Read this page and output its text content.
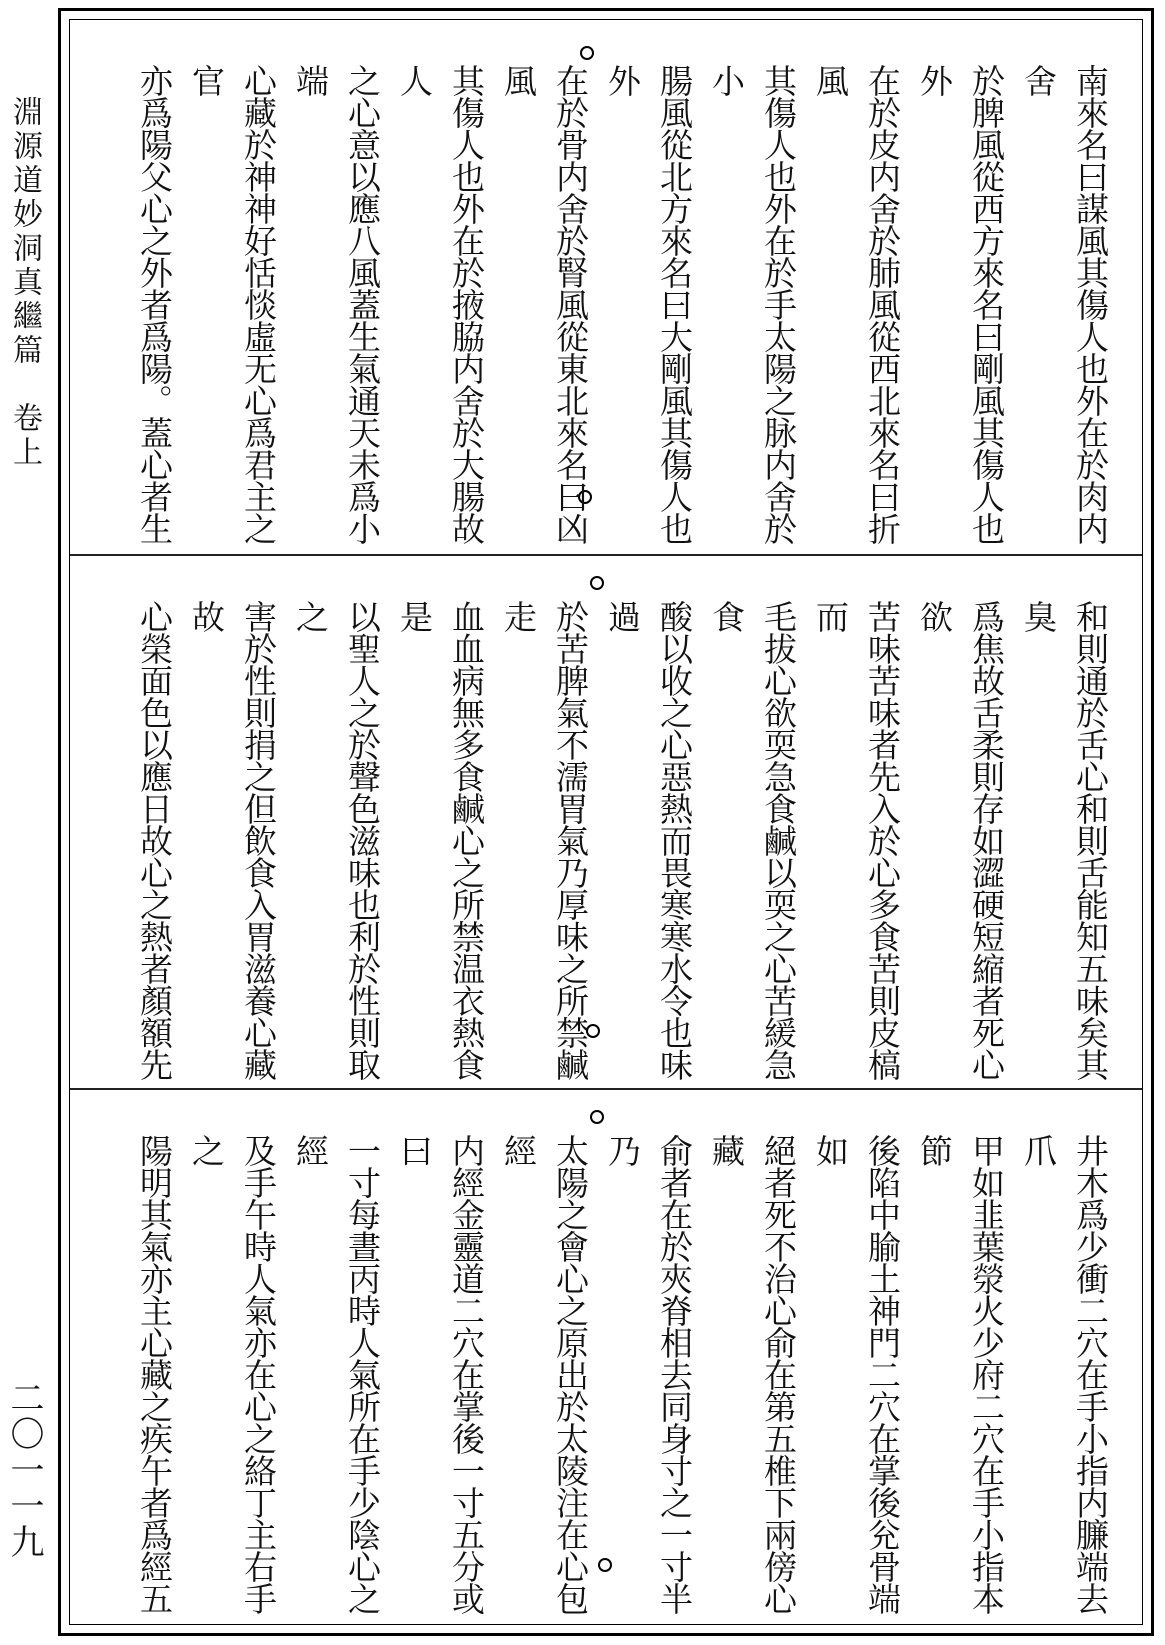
淵源道妙洞真繼篇　卷上
二〇一一九

南來名曰謀風其傷人也外在於肉内舍

於脾風從西方來名曰剛風其傷人也外

在於皮内舍於肺風從西北來名曰折風

其傷人也外在於手太陽之脉内舍於小

腸風從北方來名曰大剛風其傷人也外

在於骨内舍於腎風從東北來名曰凶風

其傷人也外在於掖脇内舍於大腸故人

之心意以應八風蓋生氣通天未爲小端

心藏於神神好恬惔虛无心爲君主之官

亦爲陽父心之外者爲陽。蓋心者生

和則通於舌心和則舌能知五味矣其臭

爲焦故舌柔則存如澀硬短縮者死心欲

苦味苦味者先入於心多食苦則皮槁而

毛拔心欲耎急食鹹以耎之心苦緩急食

酸以收之心惡熱而畏寒寒水令也味過

於苦脾氣不濡胃氣乃厚味之所禁鹹走

血血病無多食鹹心之所禁温衣熱食是

以聖人之於聲色滋味也利於性則取之

害於性則捐之但飲食入胃滋養心藏故

心榮面色以應日故心之熱者顏額先

井木爲少衝二穴在手小指内臁端去爪

甲如韭葉滎火少府二穴在手小指本節

後陷中腧土神門二穴在掌後兊骨端如

絕者死不治心俞在第五椎下兩傍心藏

俞者在於夾脊相去同身寸之一寸半乃

太陽之會心之原出於太陵注在心包經

内經金靈道二穴在掌後一寸五分或曰

一寸每晝丙時人氣所在手少陰心之經

及手午時人氣亦在心之絡丁主右手之

陽明其氣亦主心藏之疾午者爲經五
